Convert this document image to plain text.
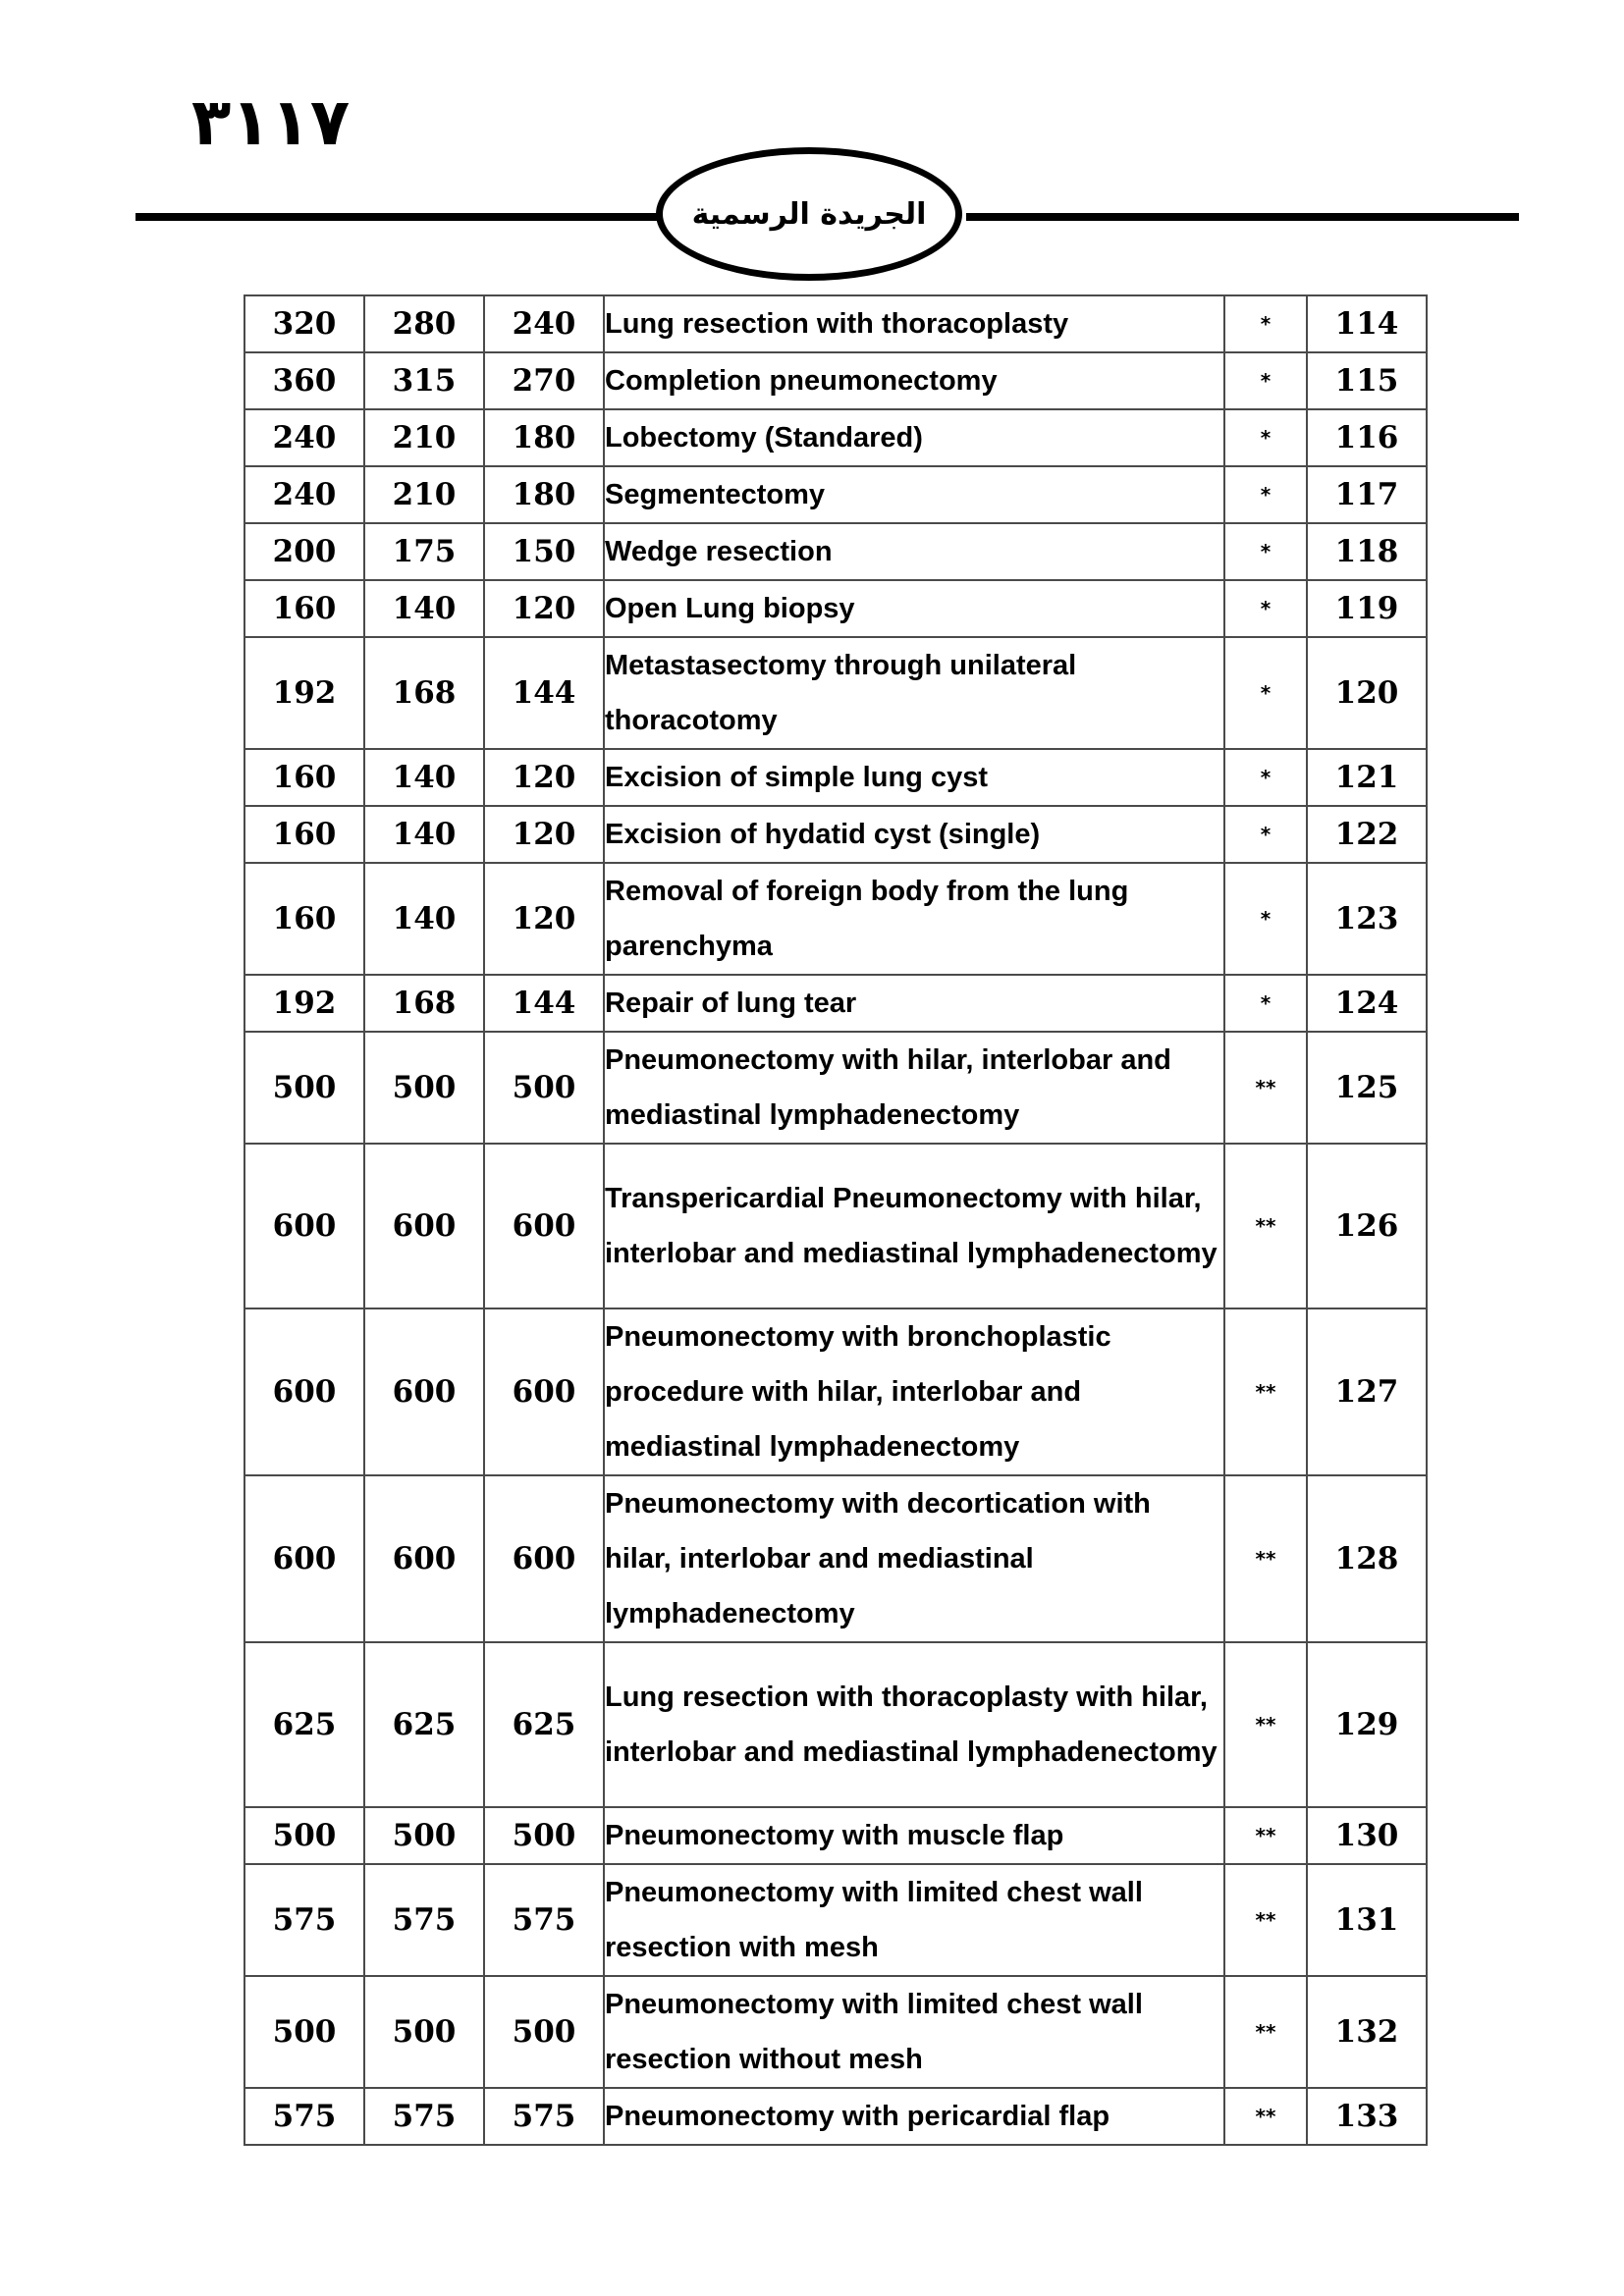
٣١١٧
الجريدة الرسمية
320	280	240	Lung resection with thoracoplasty	*	114
360	315	270	Completion pneumonectomy	*	115
240	210	180	Lobectomy (Standared)	*	116
240	210	180	Segmentectomy	*	117
200	175	150	Wedge resection	*	118
160	140	120	Open Lung biopsy	*	119
192	168	144	Metastasectomy through unilateral thoracotomy	*	120
160	140	120	Excision of simple lung cyst	*	121
160	140	120	Excision of hydatid cyst (single)	*	122
160	140	120	Removal of foreign body from the lung parenchyma	*	123
192	168	144	Repair of lung tear	*	124
500	500	500	Pneumonectomy with hilar, interlobar and mediastinal lymphadenectomy	**	125
600	600	600	Transpericardial Pneumonectomy with hilar, interlobar and mediastinal lymphadenectomy	**	126
600	600	600	Pneumonectomy with bronchoplastic procedure with hilar, interlobar and mediastinal lymphadenectomy	**	127
600	600	600	Pneumonectomy with decortication with hilar, interlobar and mediastinal lymphadenectomy	**	128
625	625	625	Lung resection with thoracoplasty with hilar, interlobar and mediastinal lymphadenectomy	**	129
500	500	500	Pneumonectomy with muscle flap	**	130
575	575	575	Pneumonectomy with limited chest wall resection with mesh	**	131
500	500	500	Pneumonectomy with limited chest wall resection without mesh	**	132
575	575	575	Pneumonectomy with pericardial flap	**	133
